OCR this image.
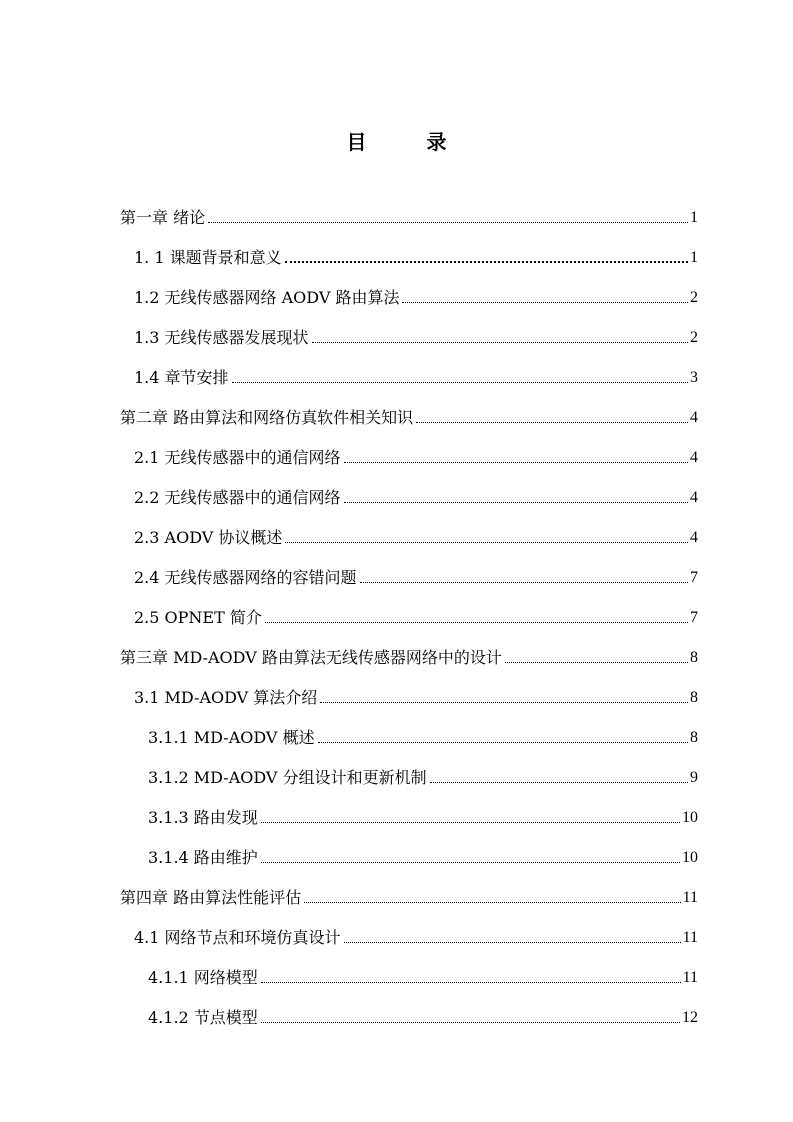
目　录
第一章 绪论	1
1. 1 课题背景和意义	1
1.2 无线传感器网络 AODV 路由算法	2
1.3 无线传感器发展现状	2
1.4 章节安排	3
第二章 路由算法和网络仿真软件相关知识	4
2.1 无线传感器中的通信网络	4
2.2 无线传感器中的通信网络	4
2.3 AODV 协议概述	4
2.4 无线传感器网络的容错问题	7
2.5 OPNET 简介	7
第三章 MD-AODV 路由算法无线传感器网络中的设计	8
3.1 MD-AODV 算法介绍	8
3.1.1 MD-AODV 概述	8
3.1.2 MD-AODV 分组设计和更新机制	9
3.1.3 路由发现	10
3.1.4 路由维护	10
第四章 路由算法性能评估	11
4.1 网络节点和环境仿真设计	11
4.1.1 网络模型	11
4.1.2 节点模型	12
